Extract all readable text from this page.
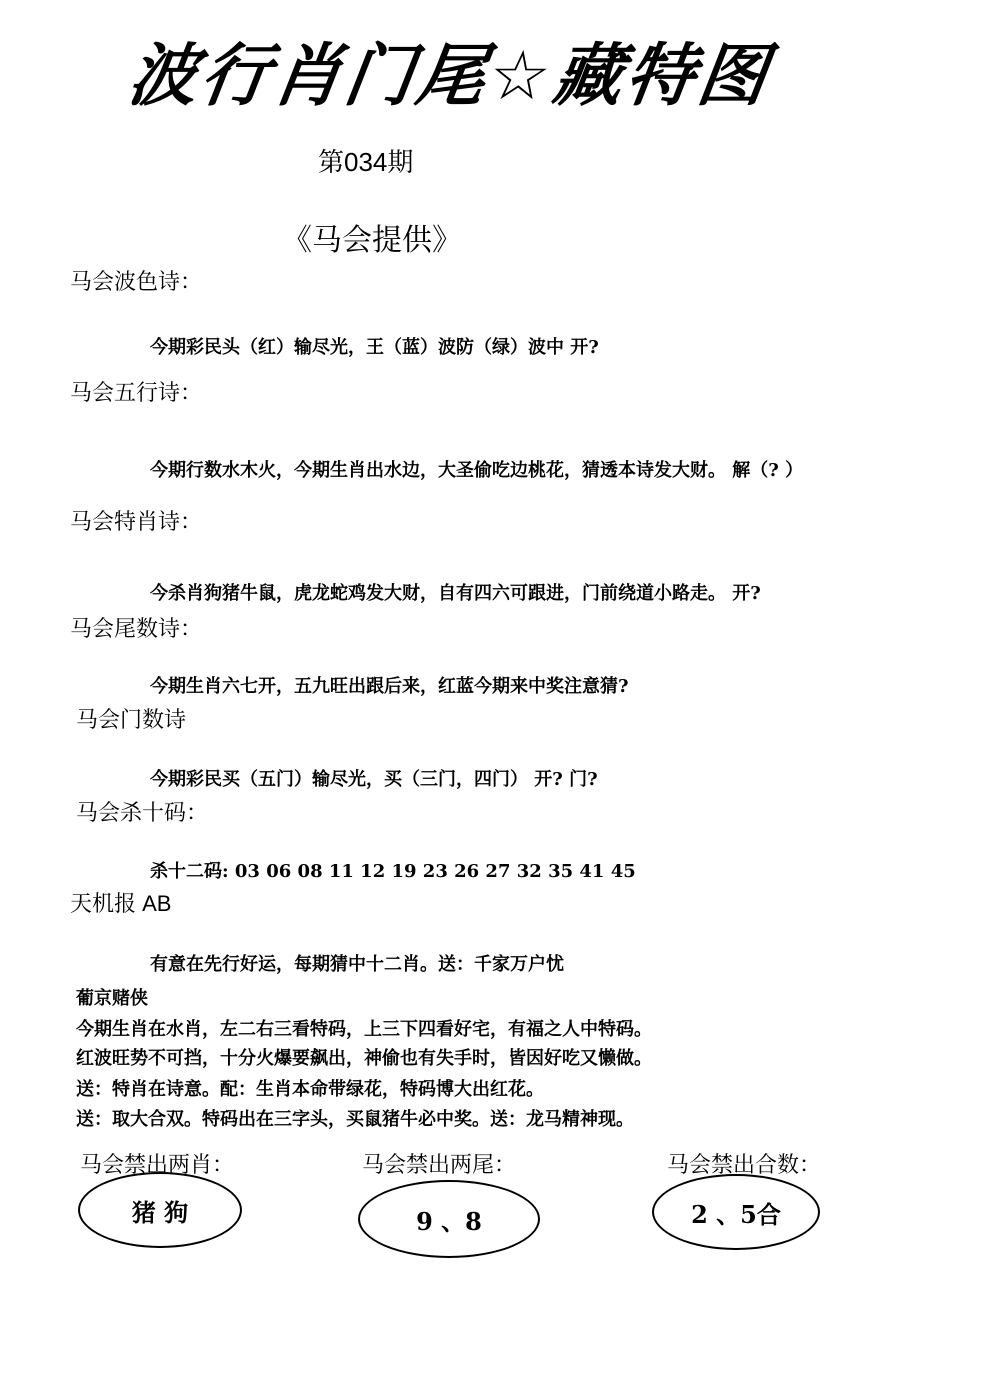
波行肖门尾☆藏特图
第034期
《马会提供》
马会波色诗：
今期彩民头（红）输尽光，王（蓝）波防（绿）波中 开?
马会五行诗：
今期行数水木火，今期生肖出水边，大圣偷吃边桃花，猜透本诗发大财。 解（? ）
马会特肖诗：
今杀肖狗猪牛鼠，虎龙蛇鸡发大财，自有四六可跟进，门前绕道小路走。 开?
马会尾数诗：
今期生肖六七开，五九旺出跟后来，红蓝今期来中奖注意猜?
马会门数诗
今期彩民买（五门）输尽光，买（三门，四门） 开? 门?
马会杀十码：
杀十二码: 03 06 08 11 12 19 23 26 27 32 35 41 45
天机报 AB
有意在先行好运，每期猜中十二肖。送：千家万户忧
葡京赌侠
今期生肖在水肖，左二右三看特码，上三下四看好宅，有福之人中特码。
红波旺势不可挡，十分火爆要飙出，神偷也有失手时，皆因好吃又懒做。
送：特肖在诗意。配：生肖本命带绿花，特码博大出红花。
送：取大合双。特码出在三字头，买鼠猪牛必中奖。送：龙马精神现。
马会禁出两肖：	马会禁出两尾：	马会禁出合数：
猪 狗	9 、8	2 、5合
